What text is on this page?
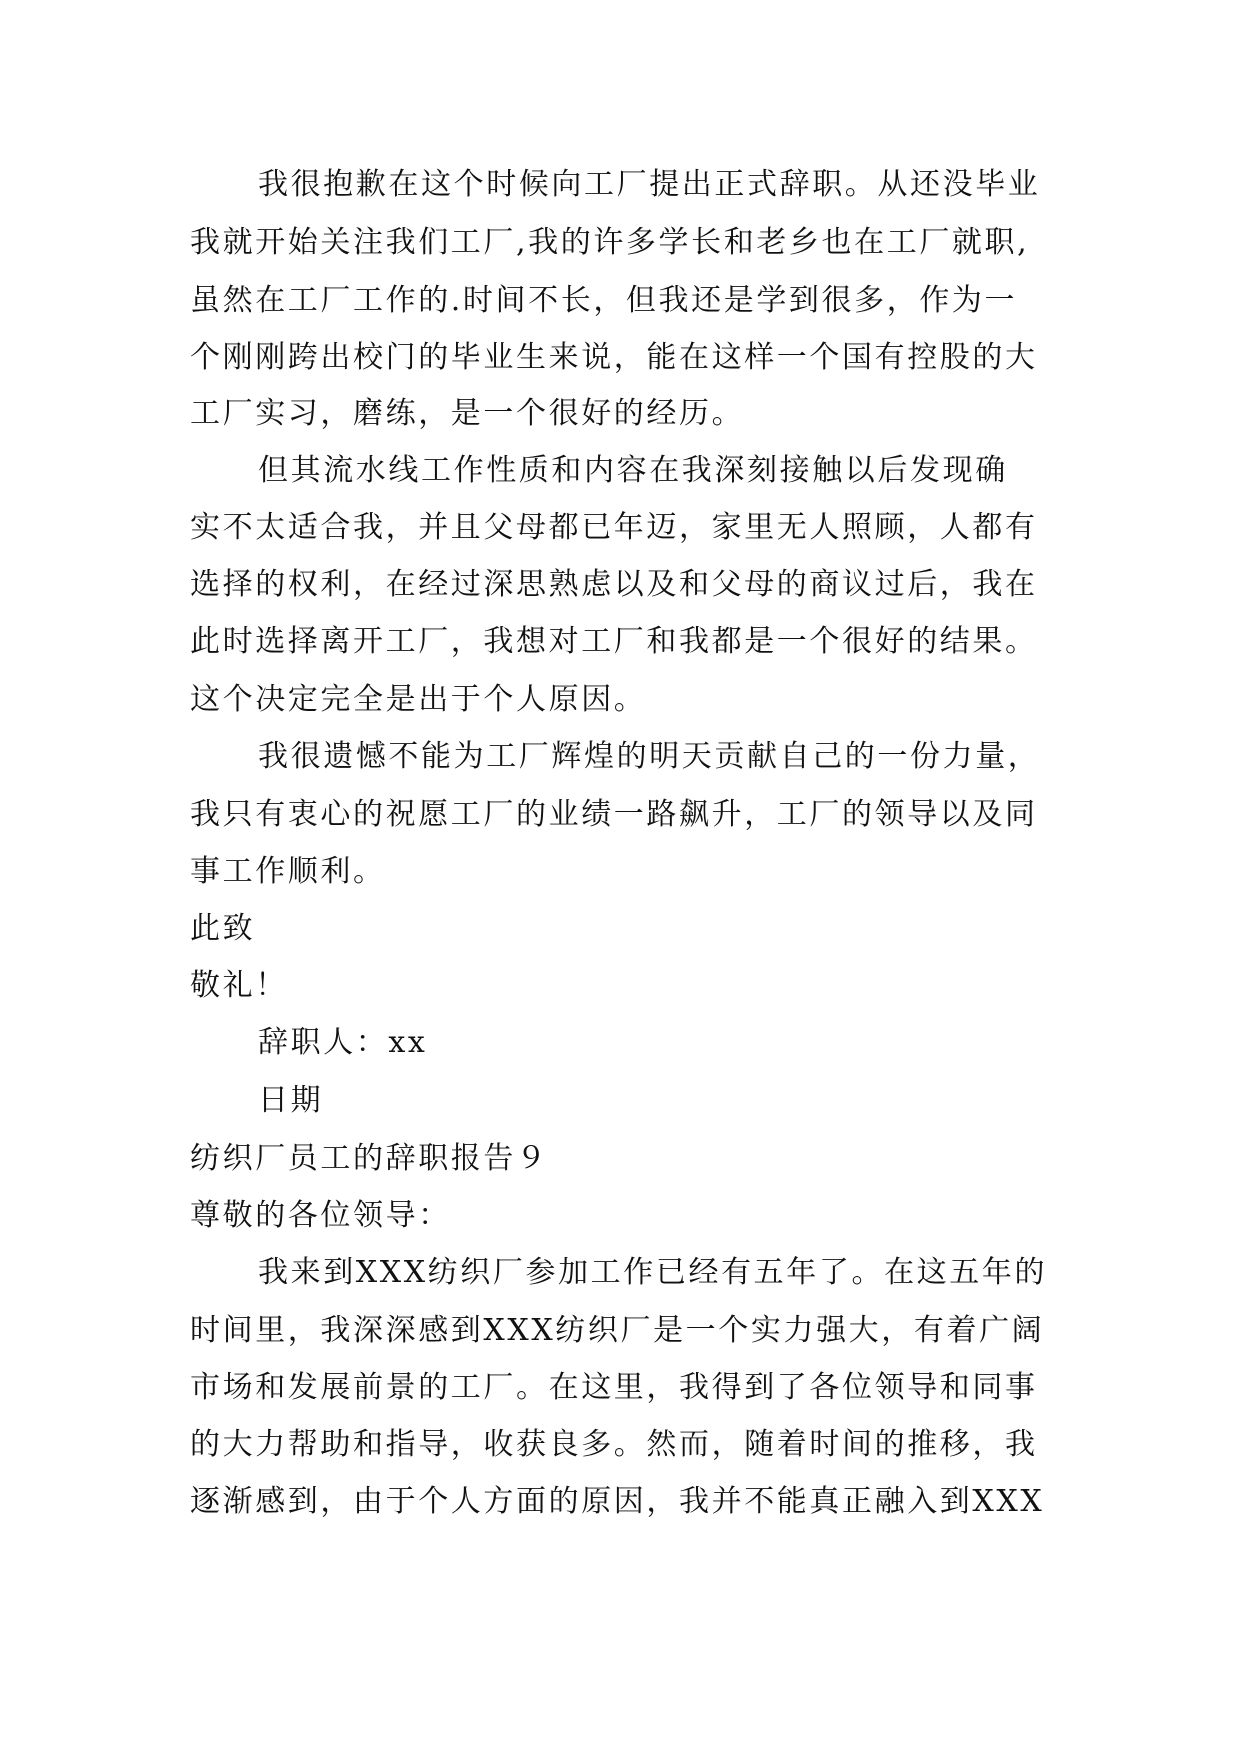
我很抱歉在这个时候向工厂提出正式辞职。从还没毕业
我就开始关注我们工厂,我的许多学长和老乡也在工厂就职,
虽然在工厂工作的.时间不长，但我还是学到很多，作为一
个刚刚跨出校门的毕业生来说，能在这样一个国有控股的大
工厂实习，磨练，是一个很好的经历。
但其流水线工作性质和内容在我深刻接触以后发现确
实不太适合我，并且父母都已年迈，家里无人照顾，人都有
选择的权利，在经过深思熟虑以及和父母的商议过后，我在
此时选择离开工厂，我想对工厂和我都是一个很好的结果。
这个决定完全是出于个人原因。
我很遗憾不能为工厂辉煌的明天贡献自己的一份力量，
我只有衷心的祝愿工厂的业绩一路飙升，工厂的领导以及同
事工作顺利。
此致
敬礼！
辞职人：xx
日期
纺织厂员工的辞职报告９
尊敬的各位领导：
我来到XXX纺织厂参加工作已经有五年了。在这五年的
时间里，我深深感到XXX纺织厂是一个实力强大，有着广阔
市场和发展前景的工厂。在这里，我得到了各位领导和同事
的大力帮助和指导，收获良多。然而，随着时间的推移，我
逐渐感到，由于个人方面的原因，我并不能真正融入到XXX
